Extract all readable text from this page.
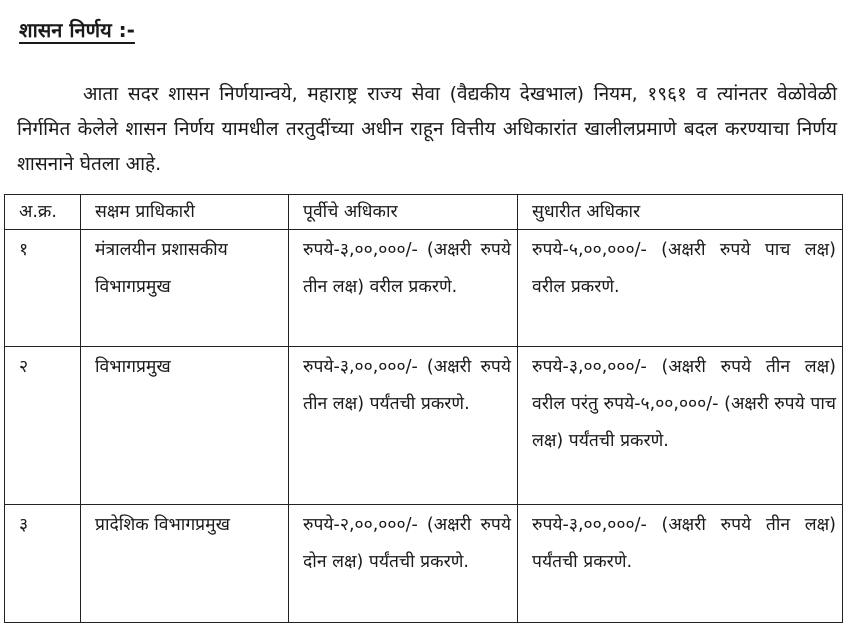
शासन निर्णय :-
आता सदर शासन निर्णयान्वये, महाराष्ट्र राज्य सेवा (वैद्यकीय देखभाल) नियम, १९६१ व त्यांनतर वेळोवेळी निर्गमित केलेले शासन निर्णय यामधील तरतुदींच्या अधीन राहून वित्तीय अधिकारांत खालीलप्रमाणे बदल करण्याचा निर्णय शासनाने घेतला आहे.
अ.क्र.	सक्षम प्राधिकारी	पूर्वीचे अधिकार	सुधारीत अधिकार
१	मंत्रालयीन प्रशासकीय विभागप्रमुख	रुपये-३,००,०००/- (अक्षरी रुपये तीन लक्ष) वरील प्रकरणे.	रुपये-५,००,०००/- (अक्षरी रुपये पाच लक्ष) वरील प्रकरणे.
२	विभागप्रमुख	रुपये-३,००,०००/- (अक्षरी रुपये तीन लक्ष) पर्यंतची प्रकरणे.	रुपये-३,००,०००/- (अक्षरी रुपये तीन लक्ष) वरील परंतु रुपये-५,००,०००/- (अक्षरी रुपये पाच लक्ष) पर्यंतची प्रकरणे.
३	प्रादेशिक विभागप्रमुख	रुपये-२,००,०००/- (अक्षरी रुपये दोन लक्ष) पर्यंतची प्रकरणे.	रुपये-३,००,०००/- (अक्षरी रुपये तीन लक्ष) पर्यंतची प्रकरणे.
